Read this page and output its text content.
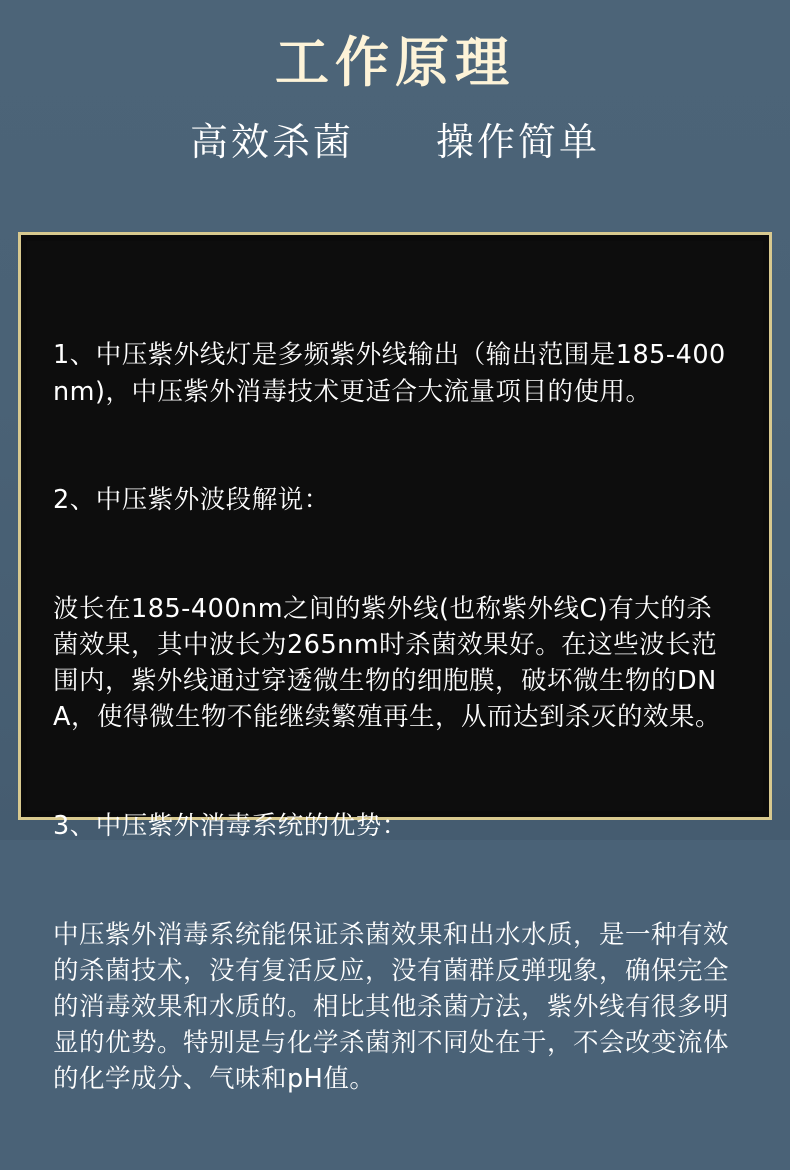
工作原理
高效杀菌　　操作简单

1、中压紫外线灯是多频紫外线输出（输出范围是185-400nm)，中压紫外消毒技术更适合大流量项目的使用。

2、中压紫外波段解说：

波长在185-400nm之间的紫外线(也称紫外线C)有大的杀菌效果，其中波长为265nm时杀菌效果好。在这些波长范围内，紫外线通过穿透微生物的细胞膜，破坏微生物的DNA，使得微生物不能继续繁殖再生，从而达到杀灭的效果。

3、中压紫外消毒系统的优势：

中压紫外消毒系统能保证杀菌效果和出水水质，是一种有效的杀菌技术，没有复活反应，没有菌群反弹现象，确保完全的消毒效果和水质的。相比其他杀菌方法，紫外线有很多明显的优势。特别是与化学杀菌剂不同处在于，不会改变流体的化学成分、气味和pH值。
